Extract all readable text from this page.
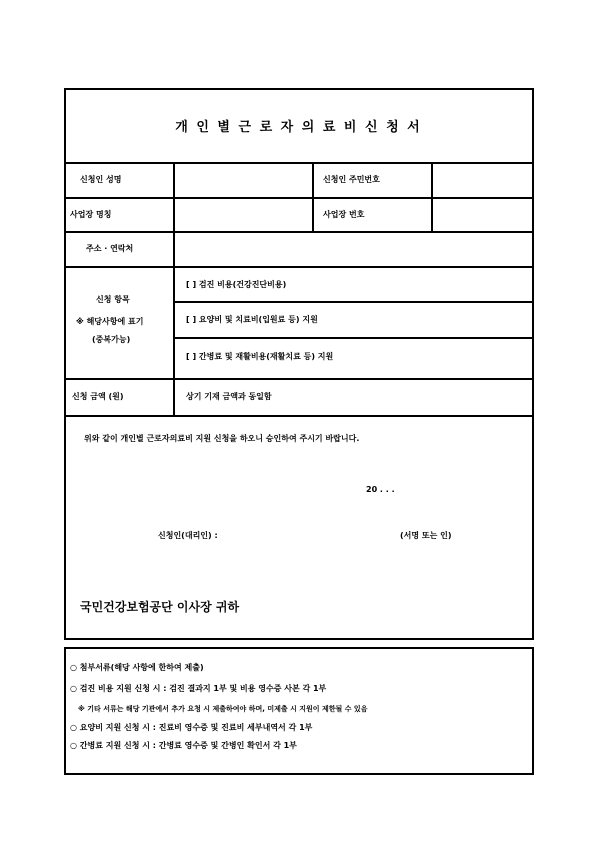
개 인 별 근 로 자 의 료 비 신 청 서
신청인 성명	신청인 주민번호
사업장 명칭	사업장 번호
주소 · 연락처
신청 항목
※ 해당사항에 표기
(중복가능)
[ ] 검진 비용(건강진단비용)
[ ] 요양비 및 치료비(입원료 등) 지원
[ ] 간병료 및 재활비용(재활치료 등) 지원
신청 금액 (원)	상기 기재 금액과 동일함
위와 같이 개인별 근로자의료비 지원 신청을 하오니 승인하여 주시기 바랍니다.
20 . . .
신청인(대리인) :	(서명 또는 인)
국민건강보험공단 이사장 귀하
○ 첨부서류(해당 사항에 한하여 제출)
○ 검진 비용 지원 신청 시 : 검진 결과지 1부 및 비용 영수증 사본 각 1부
※ 기타 서류는 해당 기관에서 추가 요청 시 제출하여야 하며, 미제출 시 지원이 제한될 수 있음
○ 요양비 지원 신청 시 : 진료비 영수증 및 진료비 세부내역서 각 1부
○ 간병료 지원 신청 시 : 간병료 영수증 및 간병인 확인서 각 1부
